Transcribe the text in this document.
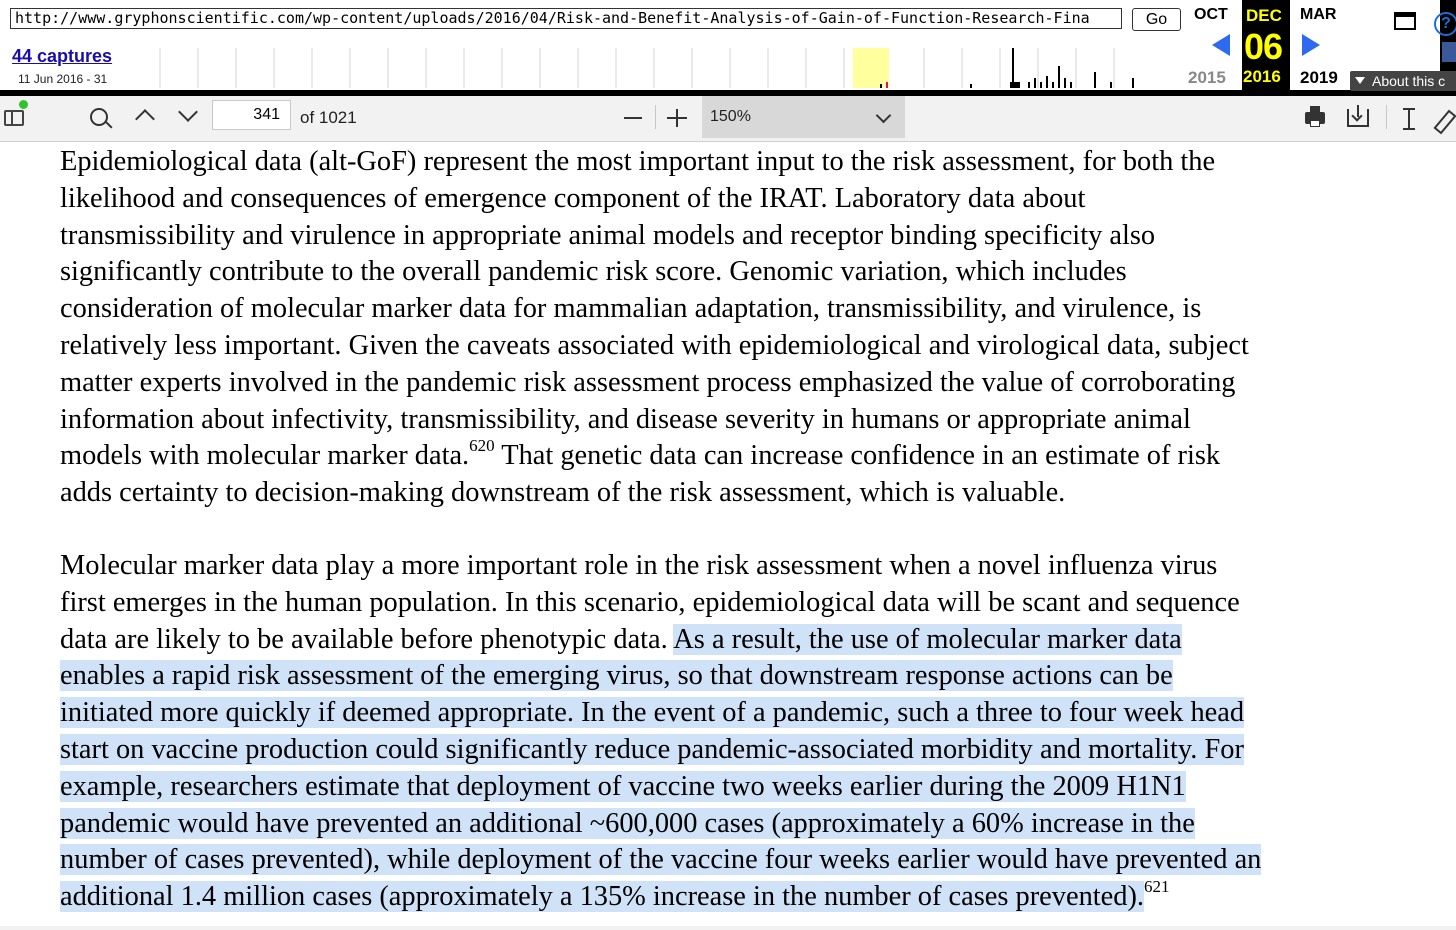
http://www.gryphonscientific.com/wp-content/uploads/2016/04/Risk-and-Benefit-Analysis-of-Gain-of-Function-Research-Fina	Go
44 captures
11 Jun 2016 - 31
OCT
2015
DEC
06
2016
MAR
2019
?
About this c
341
of 1021	150%

Epidemiological data (alt-GoF) represent the most important input to the risk assessment, for both the
likelihood and consequences of emergence component of the IRAT. Laboratory data about
transmissibility and virulence in appropriate animal models and receptor binding specificity also
significantly contribute to the overall pandemic risk score. Genomic variation, which includes
consideration of molecular marker data for mammalian adaptation, transmissibility, and virulence, is
relatively less important. Given the caveats associated with epidemiological and virological data, subject
matter experts involved in the pandemic risk assessment process emphasized the value of corroborating
information about infectivity, transmissibility, and disease severity in humans or appropriate animal
models with molecular marker data.$^{620}$ That genetic data can increase confidence in an estimate of risk
adds certainty to decision-making downstream of the risk assessment, which is valuable.

Molecular marker data play a more important role in the risk assessment when a novel influenza virus
first emerges in the human population. In this scenario, epidemiological data will be scant and sequence
data are likely to be available before phenotypic data. As a result, the use of molecular marker data
enables a rapid risk assessment of the emerging virus, so that downstream response actions can be
initiated more quickly if deemed appropriate. In the event of a pandemic, such a three to four week head
start on vaccine production could significantly reduce pandemic-associated morbidity and mortality. For
example, researchers estimate that deployment of vaccine two weeks earlier during the 2009 H1N1
pandemic would have prevented an additional ~600,000 cases (approximately a 60% increase in the
number of cases prevented), while deployment of the vaccine four weeks earlier would have prevented an
additional 1.4 million cases (approximately a 135% increase in the number of cases prevented).$^{621}$
